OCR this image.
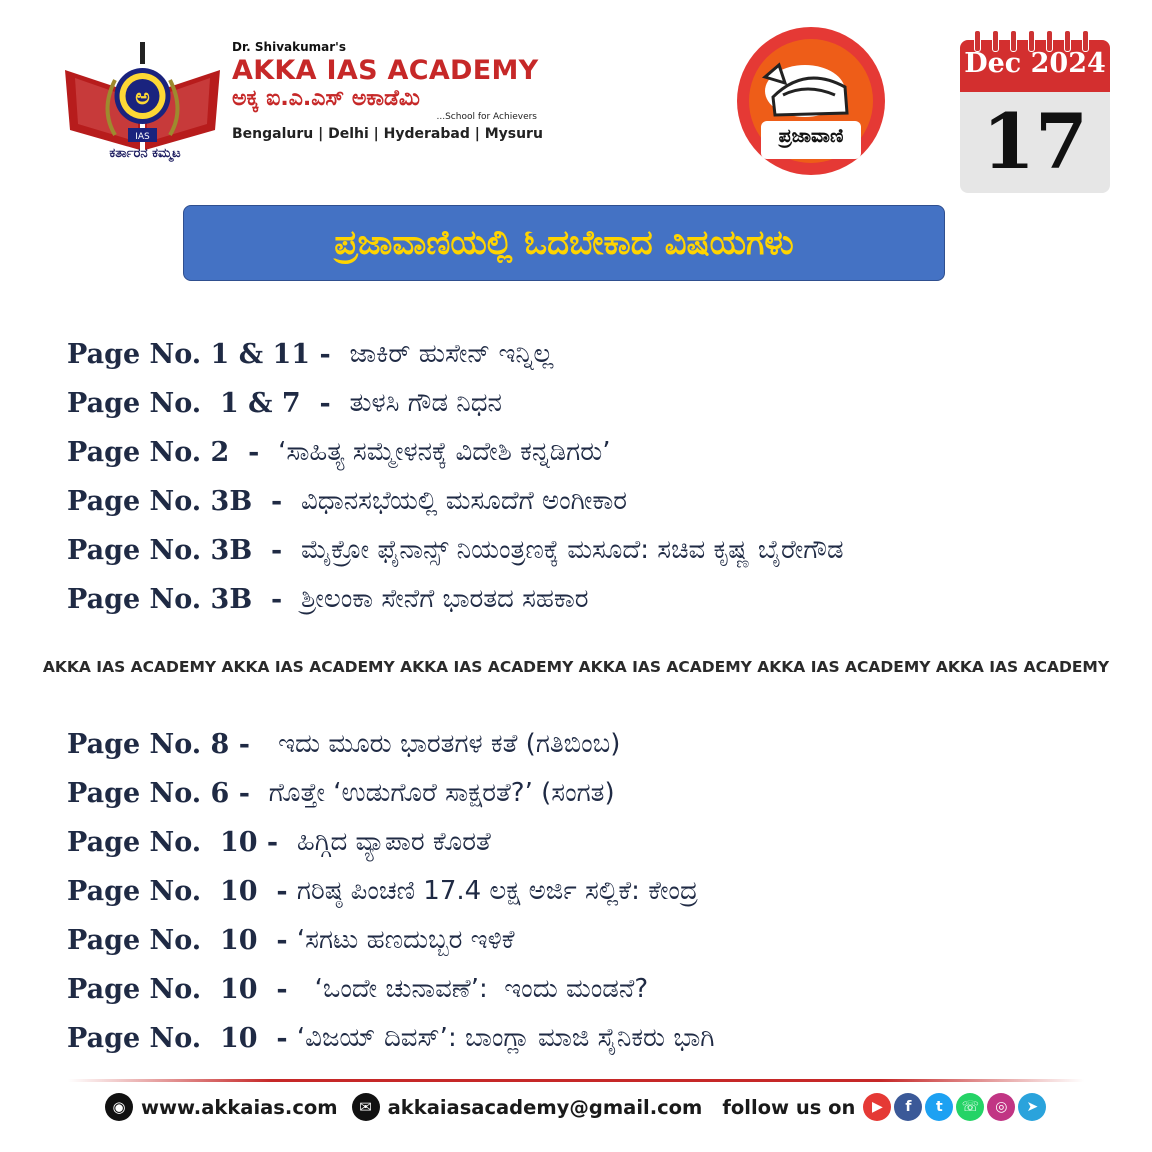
ಅ
IAS
ಕರ್ತಾರನ ಕಮ್ಮಟ
Dr. Shivakumar's
AKKA IAS ACADEMY
ಅಕ್ಕ ಐ.ಎ.ಎಸ್ ಅಕಾಡೆಮಿ
...School for Achievers
Bengaluru | Delhi | Hyderabad | Mysuru	ಪ್ರಜಾವಾಣಿ
Dec 2024
17
ಪ್ರಜಾವಾಣಿಯಲ್ಲಿ ಓದಬೇಕಾದ ವಿಷಯಗಳು
Page No. 1 & 11 - ಜಾಕಿರ್ ಹುಸೇನ್ ಇನ್ನಿಲ್ಲ
Page No.  1 & 7  - ತುಳಸಿ ಗೌಡ ನಿಧನ
Page No. 2  - ‘ಸಾಹಿತ್ಯ ಸಮ್ಮೇಳನಕ್ಕೆ ವಿದೇಶಿ ಕನ್ನಡಿಗರು’
Page No. 3B  - ವಿಧಾನಸಭೆಯಲ್ಲಿ ಮಸೂದೆಗೆ ಅಂಗೀಕಾರ
Page No. 3B  - ಮೈಕ್ರೋ ಫೈನಾನ್ಸ್ ನಿಯಂತ್ರಣಕ್ಕೆ ಮಸೂದೆ: ಸಚಿವ ಕೃಷ್ಣ ಬೈರೇಗೌಡ
Page No. 3B  - ಶ್ರೀಲಂಕಾ ಸೇನೆಗೆ ಭಾರತದ ಸಹಕಾರ
AKKA IAS ACADEMY AKKA IAS ACADEMY AKKA IAS ACADEMY AKKA IAS ACADEMY AKKA IAS ACADEMY AKKA IAS ACADEMY
Page No. 8 - ಇದು ಮೂರು ಭಾರತಗಳ ಕತೆ (ಗತಿಬಿಂಬ)
Page No. 6 - ಗೊತ್ತೇ ‘ಉಡುಗೊರೆ ಸಾಕ್ಷರತೆ?’ (ಸಂಗತ)
Page No.  10 - ಹಿಗ್ಗಿದ ವ್ಯಾಪಾರ ಕೊರತೆ
Page No.  10  - ಗರಿಷ್ಠ ಪಿಂಚಣಿ 17.4 ಲಕ್ಷ ಅರ್ಜಿ ಸಲ್ಲಿಕೆ: ಕೇಂದ್ರ
Page No.  10  - ‘ಸಗಟು ಹಣದುಬ್ಬರ ಇಳಿಕೆ
Page No.  10  - ‘ಒಂದೇ ಚುನಾವಣೆ’:  ಇಂದು ಮಂಡನೆ?
Page No.  10  - ‘ವಿಜಯ್ ದಿವಸ್’: ಬಾಂಗ್ಲಾ ಮಾಜಿ ಸೈನಿಕರು ಭಾಗಿ
◉ www.akkaias.com	✉ akkaiasacademy@gmail.com follow us on	▶	f	t	☏	◎	➤
